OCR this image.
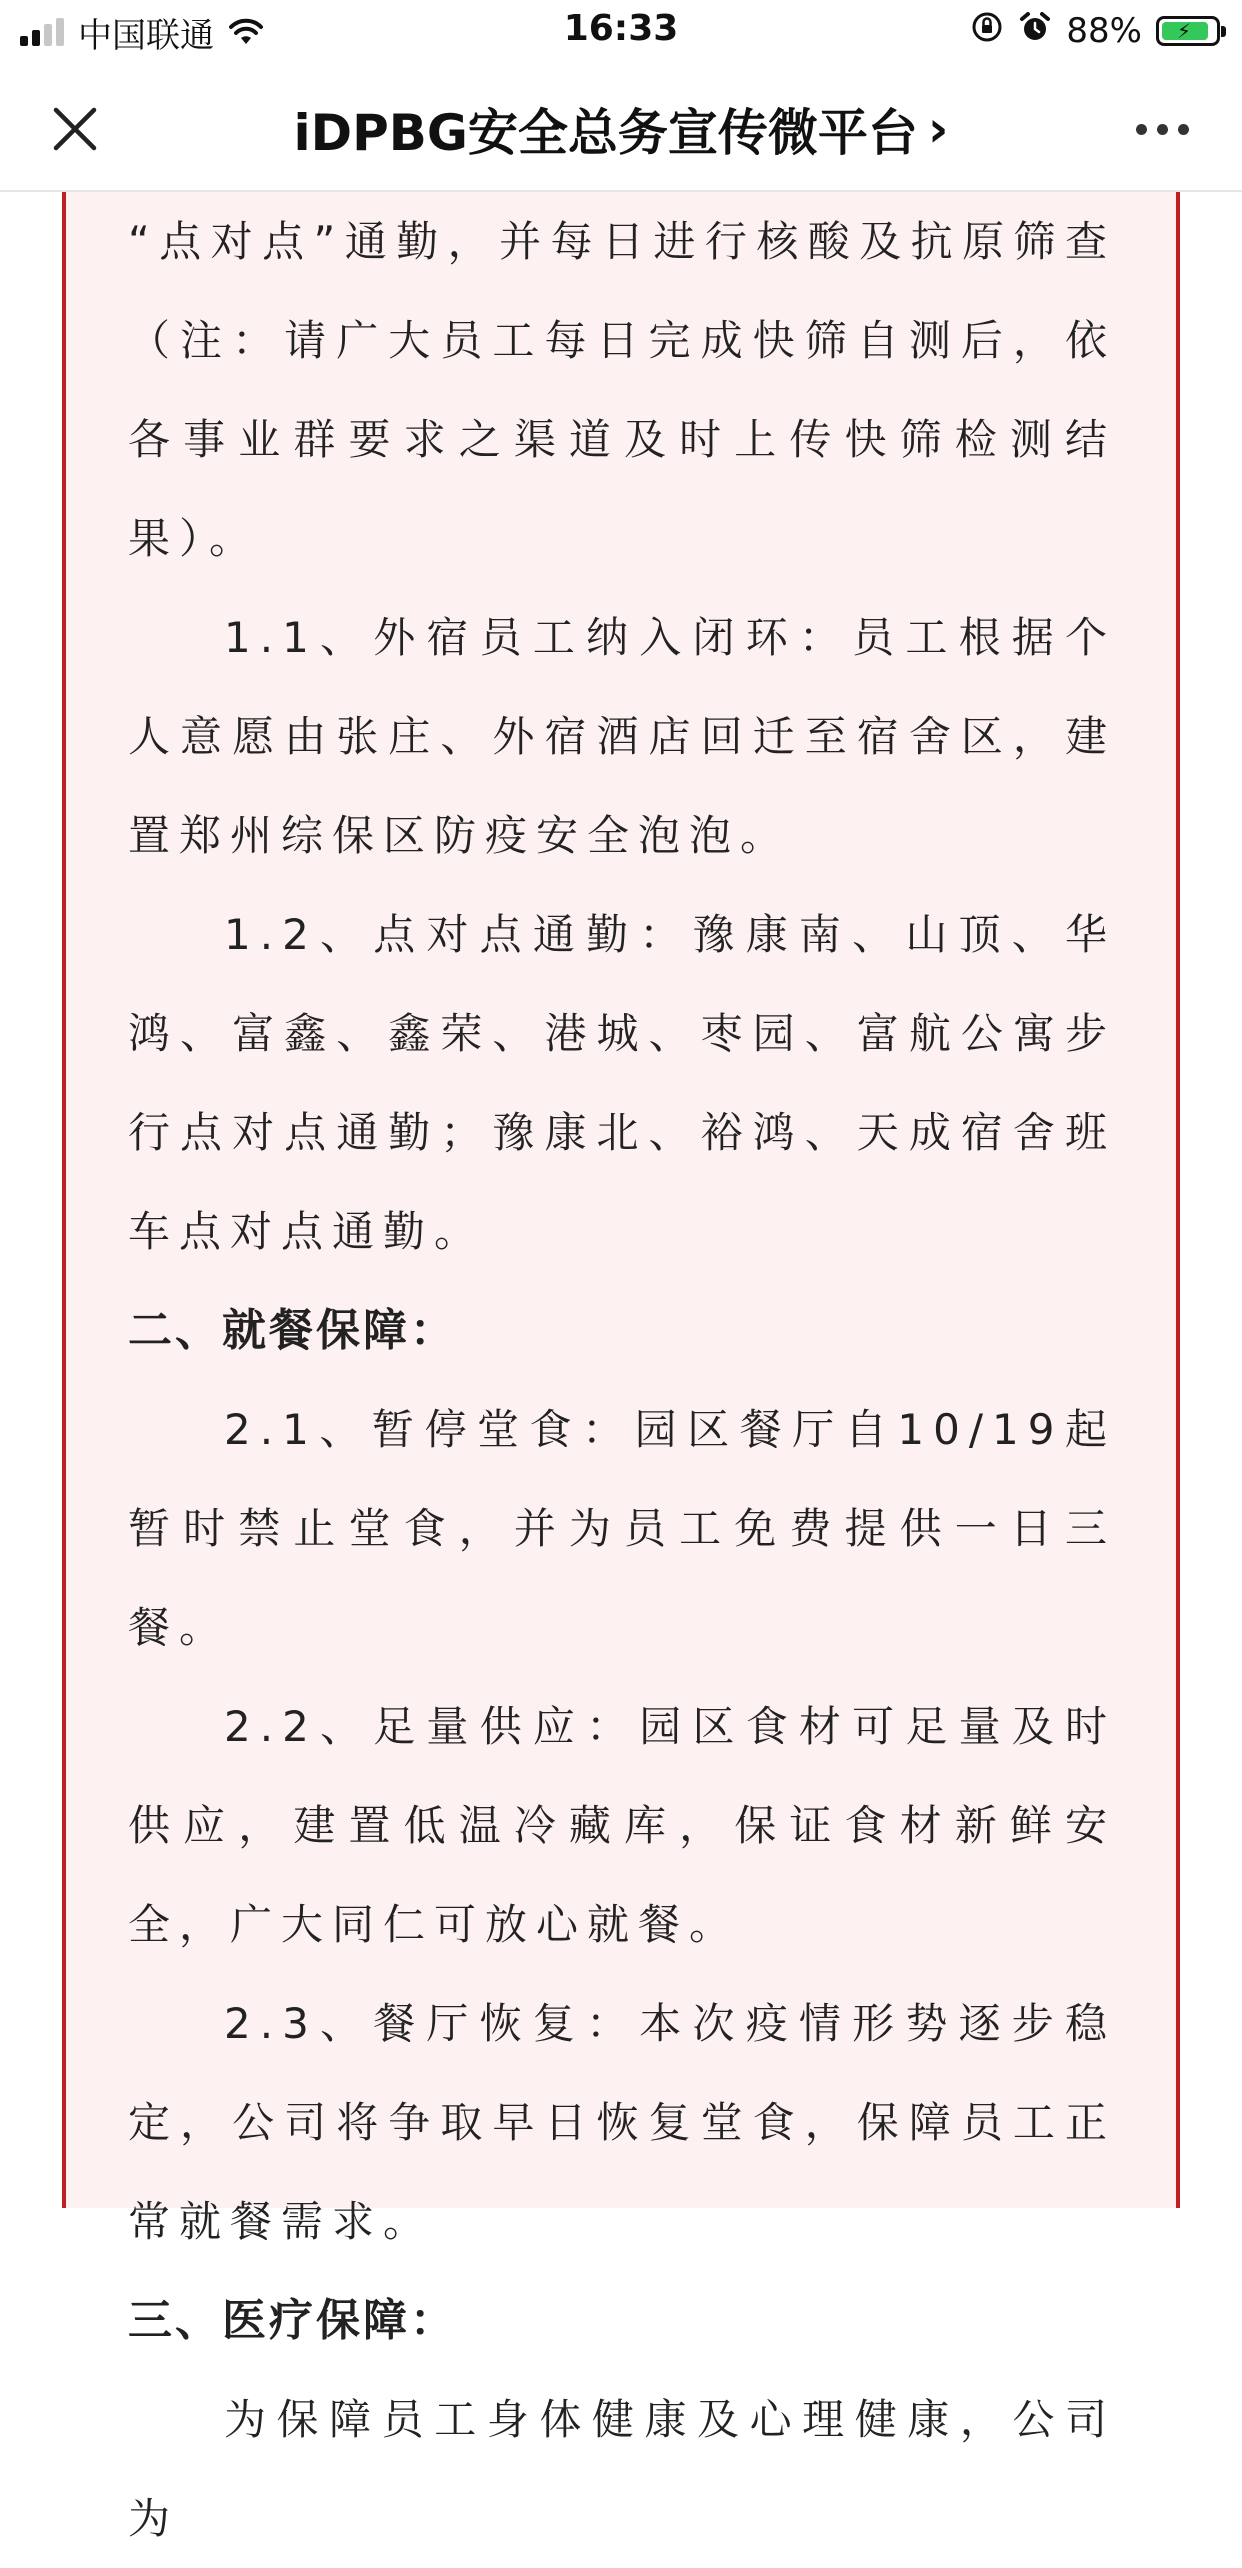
中国联通	16:33	88% ⚡
iDPBG安全总务宣传微平台 ›

“点对点”通勤，并每日进行核酸及抗原筛查（注：请广大员工每日完成快筛自测后，依各事业群要求之渠道及时上传快筛检测结果）。

1.1、外宿员工纳入闭环：员工根据个人意愿由张庄、外宿酒店回迁至宿舍区，建置郑州综保区防疫安全泡泡。

1.2、点对点通勤：豫康南、山顶、华鸿、富鑫、鑫荣、港城、枣园、富航公寓步行点对点通勤；豫康北、裕鸿、天成宿舍班车点对点通勤。

二、就餐保障：

2.1、暂停堂食：园区餐厅自10/19起暂时禁止堂食，并为员工免费提供一日三餐。

2.2、足量供应：园区食材可足量及时供应，建置低温冷藏库，保证食材新鲜安全，广大同仁可放心就餐。

2.3、餐厅恢复：本次疫情形势逐步稳定，公司将争取早日恢复堂食，保障员工正常就餐需求。

三、医疗保障：

为保障员工身体健康及心理健康，公司为
